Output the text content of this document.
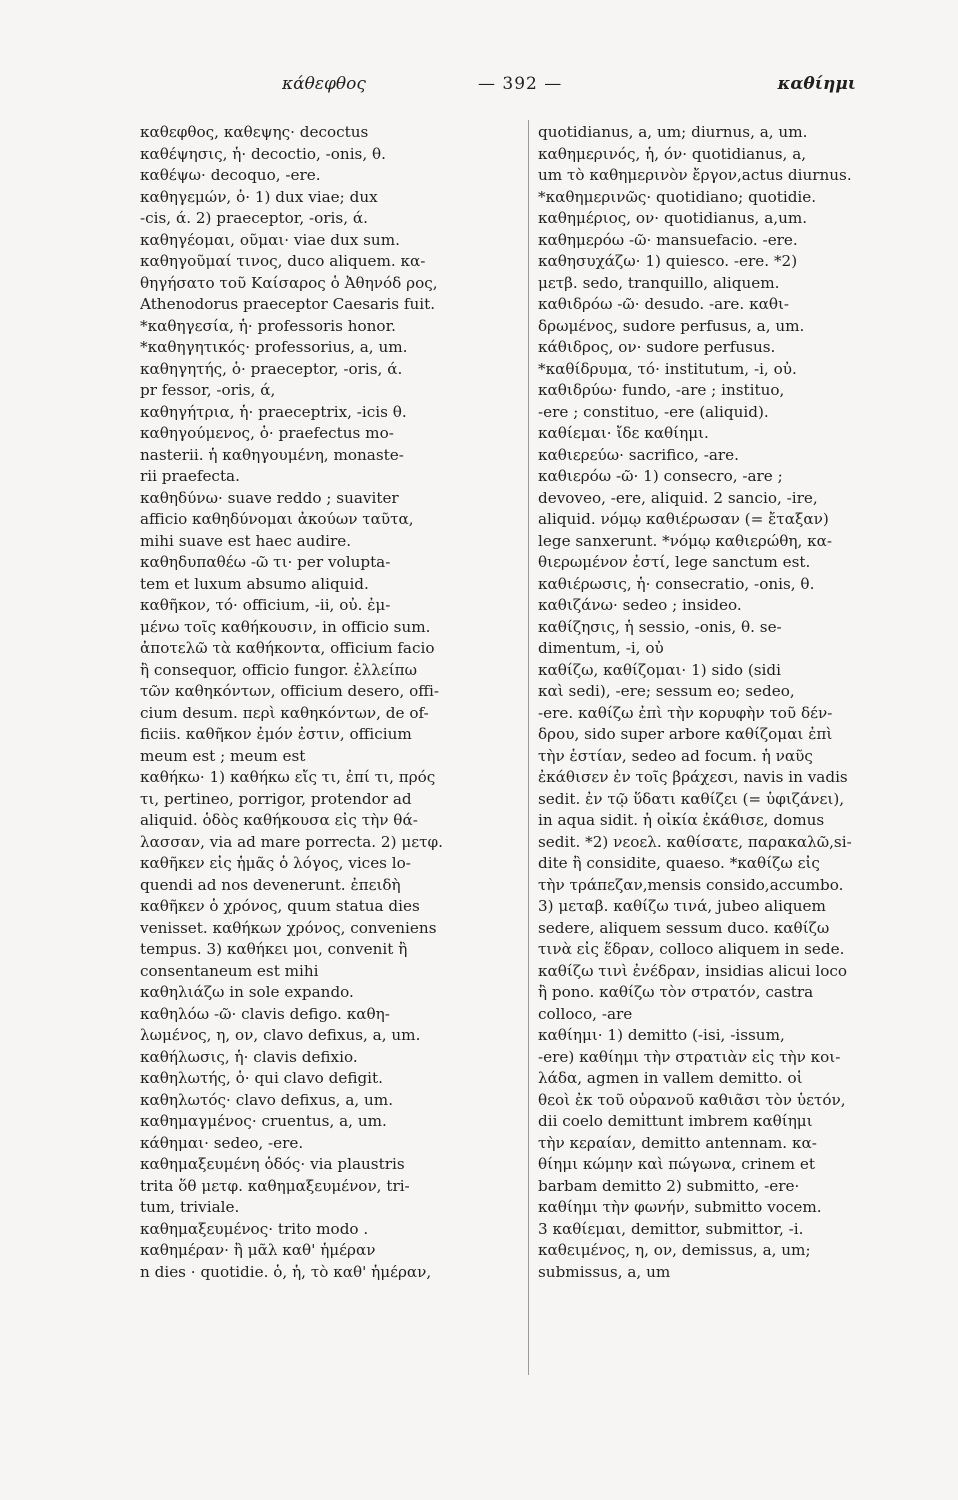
κάθεφθος	— 392 —	καθίημι
καθεφθος, καθεψης· decoctus
καθέψησις, ἡ· decoctio, -onis, θ.
καθέψω· decoquo, -ere.
καθηγεμών, ὁ· 1) dux viae; dux
-cis, ά. 2) praeceptor, -oris, ά.
καθηγέομαι, οῦμαι· viae dux sum.
καθηγοῦμαί τινος, duco aliquem. κα-
θηγήσατο τοῦ Καίσαρος ὁ Ἀθηνόδ ρος,
Athenodorus praeceptor Caesaris fuit.
*καθηγεσία, ἡ· professoris honor.
*καθηγητικός· professorius, a, um.
καθηγητής, ὁ· praeceptor, -oris, ά.
pr fessor, -oris, ά,
καθηγήτρια, ἡ· praeceptrix, -icis θ.
καθηγούμενος, ὁ· praefectus mo-
nasterii. ἡ καθηγουμένη, monaste-
rii praefecta.
καθηδύνω· suave reddo ; suaviter
afficio καθηδύνομαι ἀκούων ταῦτα,
mihi suave est haec audire.
καθηδυπαθέω -ῶ τι· per volupta-
tem et luxum absumo aliquid.
καθῆκον, τό· officium, -ii, οὐ. ἐμ-
μένω τοῖς καθήκουσιν, in officio sum.
ἀποτελῶ τὰ καθήκοντα, officium facio
ἢ consequor, officio fungor. ἐλλείπω
τῶν καθηκόντων, officium desero, offi-
cium desum. περὶ καθηκόντων, de of-
ficiis. καθῆκον ἐμόν ἐστιν, officium
meum est ; meum est
καθήκω· 1) καθήκω εἴς τι, ἐπί τι, πρός
τι, pertineo, porrigor, protendor ad
aliquid. ὁδὸς καθήκουσα εἰς τὴν θά-
λασσαν, via ad mare porrecta. 2) μετφ.
καθῆκεν εἰς ἡμᾶς ὁ λόγος, vices lo-
quendi ad nos devenerunt. ἐπειδὴ
καθῆκεν ὁ χρόνος, quum statua dies
venisset. καθήκων χρόνος, conveniens
tempus. 3) καθήκει μοι, convenit ἢ
consentaneum est mihi
καθηλιάζω in sole expando.
καθηλόω -ῶ· clavis defigo. καθη-
λωμένος, η, ον, clavo defixus, a, um.
καθήλωσις, ἡ· clavis defixio.
καθηλωτής, ὁ· qui clavo defigit.
καθηλωτός· clavo defixus, a, um.
καθημαγμένος· cruentus, a, um.
κάθημαι· sedeo, -ere.
καθημαξευμένη ὁδός· via plaustris
trita ὅθ μετφ. καθημαξευμένον, tri-
tum, triviale.
καθημαξευμένος· trito modo .
καθημέραν· ἢ μᾶλ καθ' ἡμέραν
n dies · quotidie. ὁ, ἡ, τὸ καθ' ἡμέραν,
quotidianus, a, um; diurnus, a, um.
καθημερινός, ἡ, όν· quotidianus, a,
um τὸ καθημερινὸν ἔργον,actus diurnus.
*καθημερινῶς· quotidiano; quotidie.
καθημέριος, ον· quotidianus, a,um.
καθημερόω -ῶ· mansuefacio. -ere.
καθησυχάζω· 1) quiesco. -ere. *2)
μετβ. sedo, tranquillo, aliquem.
καθιδρόω -ῶ· desudo. -are. καθι-
δρωμένος, sudore perfusus, a, um.
κάθιδρος, ον· sudore perfusus.
*καθίδρυμα, τό· institutum, -i, οὐ.
καθιδρύω· fundo, -are ; instituo,
-ere ; constituo, -ere (aliquid).
καθίεμαι· ἴδε καθίημι.
καθιερεύω· sacrifico, -are.
καθιερόω -ῶ· 1) consecro, -are ;
devoveo, -ere, aliquid. 2 sancio, -ire,
aliquid. νόμῳ καθιέρωσαν (= ἔταξαν)
lege sanxerunt. *νόμῳ καθιερώθη, κα-
θιερωμένον ἐστί, lege sanctum est.
καθιέρωσις, ἡ· consecratio, -onis, θ.
καθιζάνω· sedeo ; insideo.
καθίζησις, ἡ sessio, -onis, θ. se-
dimentum, -i, οὐ
καθίζω, καθίζομαι· 1) sido (sidi
καὶ sedi), -ere; sessum eo; sedeo,
-ere. καθίζω ἐπὶ τὴν κορυφὴν τοῦ δέν-
δρου, sido super arbore καθίζομαι ἐπὶ
τὴν ἑστίαν, sedeo ad focum. ἡ ναῦς
ἐκάθισεν ἐν τοῖς βράχεσι, navis in vadis
sedit. ἐν τῷ ὕδατι καθίζει (= ὑφιζάνει),
in aqua sidit. ἡ οἰκία ἐκάθισε, domus
sedit. *2) νεοελ. καθίσατε, παρακαλῶ,si-
dite ἢ considite, quaeso. *καθίζω εἰς
τὴν τράπεζαν,mensis consido,accumbo.
3) μεταβ. καθίζω τινά, jubeo aliquem
sedere, aliquem sessum duco. καθίζω
τινὰ εἰς ἕδραν, colloco aliquem in sede.
καθίζω τινὶ ἐνέδραν, insidias alicui loco
ἢ pono. καθίζω τὸν στρατόν, castra
colloco, -are
καθίημι· 1) demitto (-isi, -issum,
-ere) καθίημι τὴν στρατιὰν εἰς τὴν κοι-
λάδα, agmen in vallem demitto. οἱ
θεοὶ ἐκ τοῦ οὐρανοῦ καθιᾶσι τὸν ὑετόν,
dii coelo demittunt imbrem καθίημι
τὴν κεραίαν, demitto antennam. κα-
θίημι κώμην καὶ πώγωνα, crinem et
barbam demitto 2) submitto, -ere·
καθίημι τὴν φωνήν, submitto vocem.
3 καθίεμαι, demittor, submittor, -i.
καθειμένος, η, ον, demissus, a, um;
submissus, a, um
